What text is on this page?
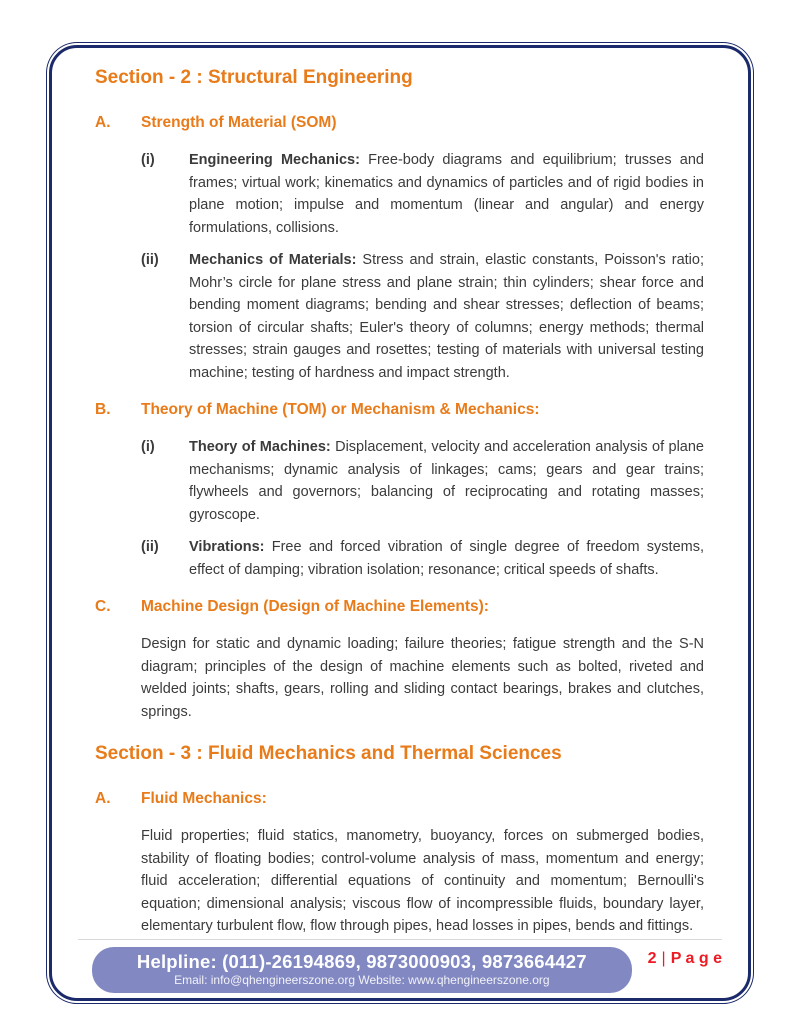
Section - 2 : Structural Engineering

A.	Strength of Material (SOM)

(i)	Engineering Mechanics: Free-body diagrams and equilibrium; trusses and frames; virtual work; kinematics and dynamics of particles and of rigid bodies in plane motion; impulse and momentum (linear and angular) and energy formulations, collisions.

(ii)	Mechanics of Materials: Stress and strain, elastic constants, Poisson's ratio; Mohr’s circle for plane stress and plane strain; thin cylinders; shear force and bending moment diagrams; bending and shear stresses; deflection of beams; torsion of circular shafts; Euler's theory of columns; energy methods; thermal stresses; strain gauges and rosettes; testing of materials with universal testing machine; testing of hardness and impact strength.

B.	Theory of Machine (TOM) or Mechanism & Mechanics:

(i)	Theory of Machines: Displacement, velocity and acceleration analysis of plane mechanisms; dynamic analysis of linkages; cams; gears and gear trains; flywheels and governors; balancing of reciprocating and rotating masses; gyroscope.

(ii)	Vibrations: Free and forced vibration of single degree of freedom systems, effect of damping; vibration isolation; resonance; critical speeds of shafts.

C.	Machine Design (Design of Machine Elements):

Design for static and dynamic loading; failure theories; fatigue strength and the S-N diagram; principles of the design of machine elements such as bolted, riveted and welded joints; shafts, gears, rolling and sliding contact bearings, brakes and clutches, springs.

Section - 3 : Fluid Mechanics and Thermal Sciences

A.	Fluid Mechanics:

Fluid properties; fluid statics, manometry, buoyancy, forces on submerged bodies, stability of floating bodies; control-volume analysis of mass, momentum and energy; fluid acceleration; differential equations of continuity and momentum; Bernoulli's equation; dimensional analysis; viscous flow of incompressible fluids, boundary layer, elementary turbulent flow, flow through pipes, head losses in pipes, bends and fittings.

Helpline: (011)-26194869, 9873000903, 9873664427
Email: info@qhengineerszone.org Website: www.qhengineerszone.org
2 | P a g e
